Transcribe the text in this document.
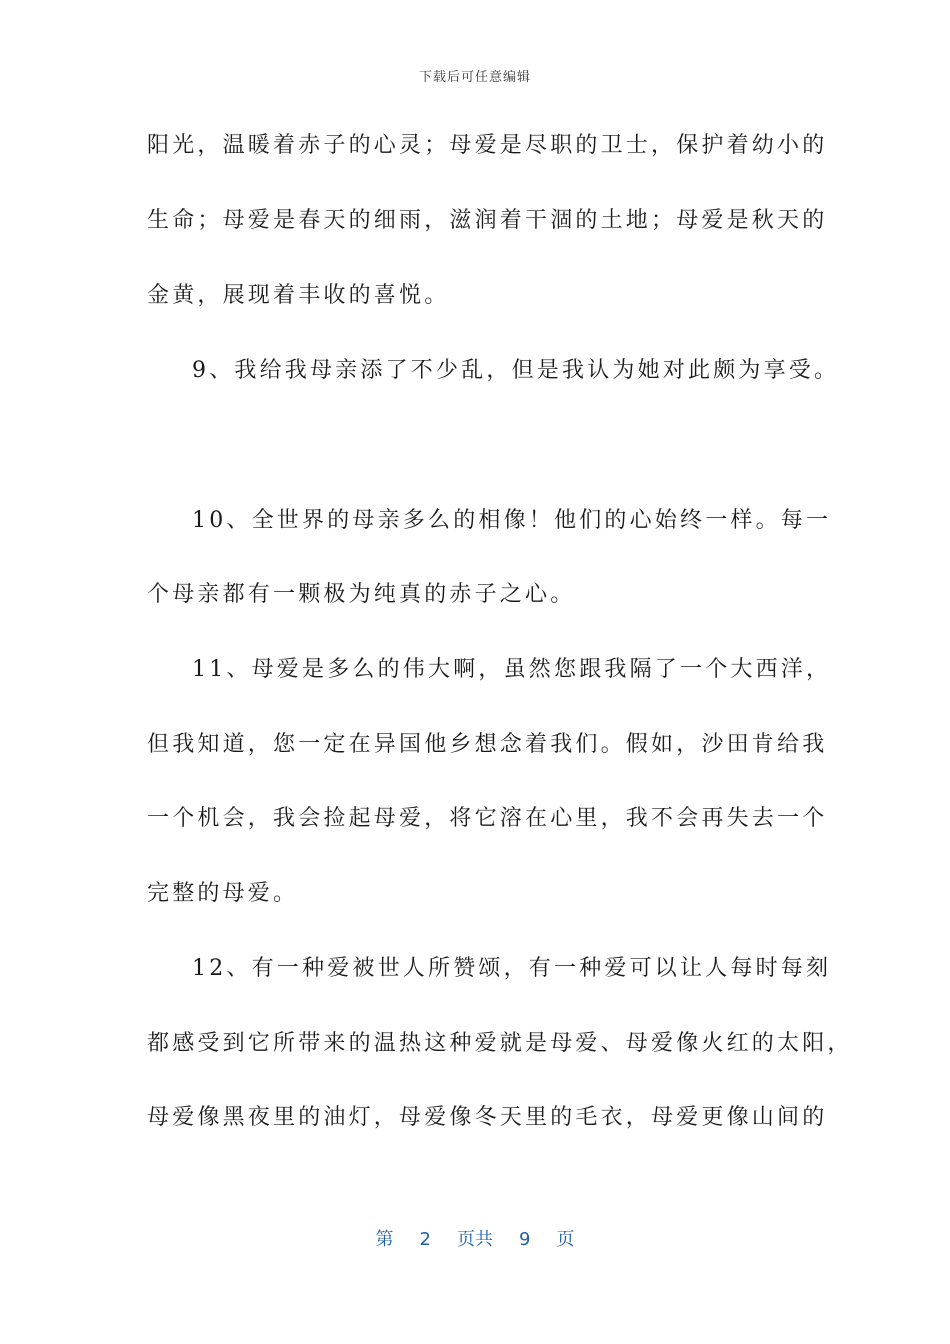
下载后可任意编辑
阳光，温暖着赤子的心灵；母爱是尽职的卫士，保护着幼小的
生命；母爱是春天的细雨，滋润着干涸的土地；母爱是秋天的
金黄，展现着丰收的喜悦。
9、我给我母亲添了不少乱，但是我认为她对此颇为享受。
10、全世界的母亲多么的相像！他们的心始终一样。每一
个母亲都有一颗极为纯真的赤子之心。
11、母爱是多么的伟大啊，虽然您跟我隔了一个大西洋，
但我知道，您一定在异国他乡想念着我们。假如，沙田肯给我
一个机会，我会捡起母爱，将它溶在心里，我不会再失去一个
完整的母爱。
12、有一种爱被世人所赞颂，有一种爱可以让人每时每刻
都感受到它所带来的温热这种爱就是母爱、母爱像火红的太阳，
母爱像黑夜里的油灯，母爱像冬天里的毛衣，母爱更像山间的
第 2 页共 9 页
